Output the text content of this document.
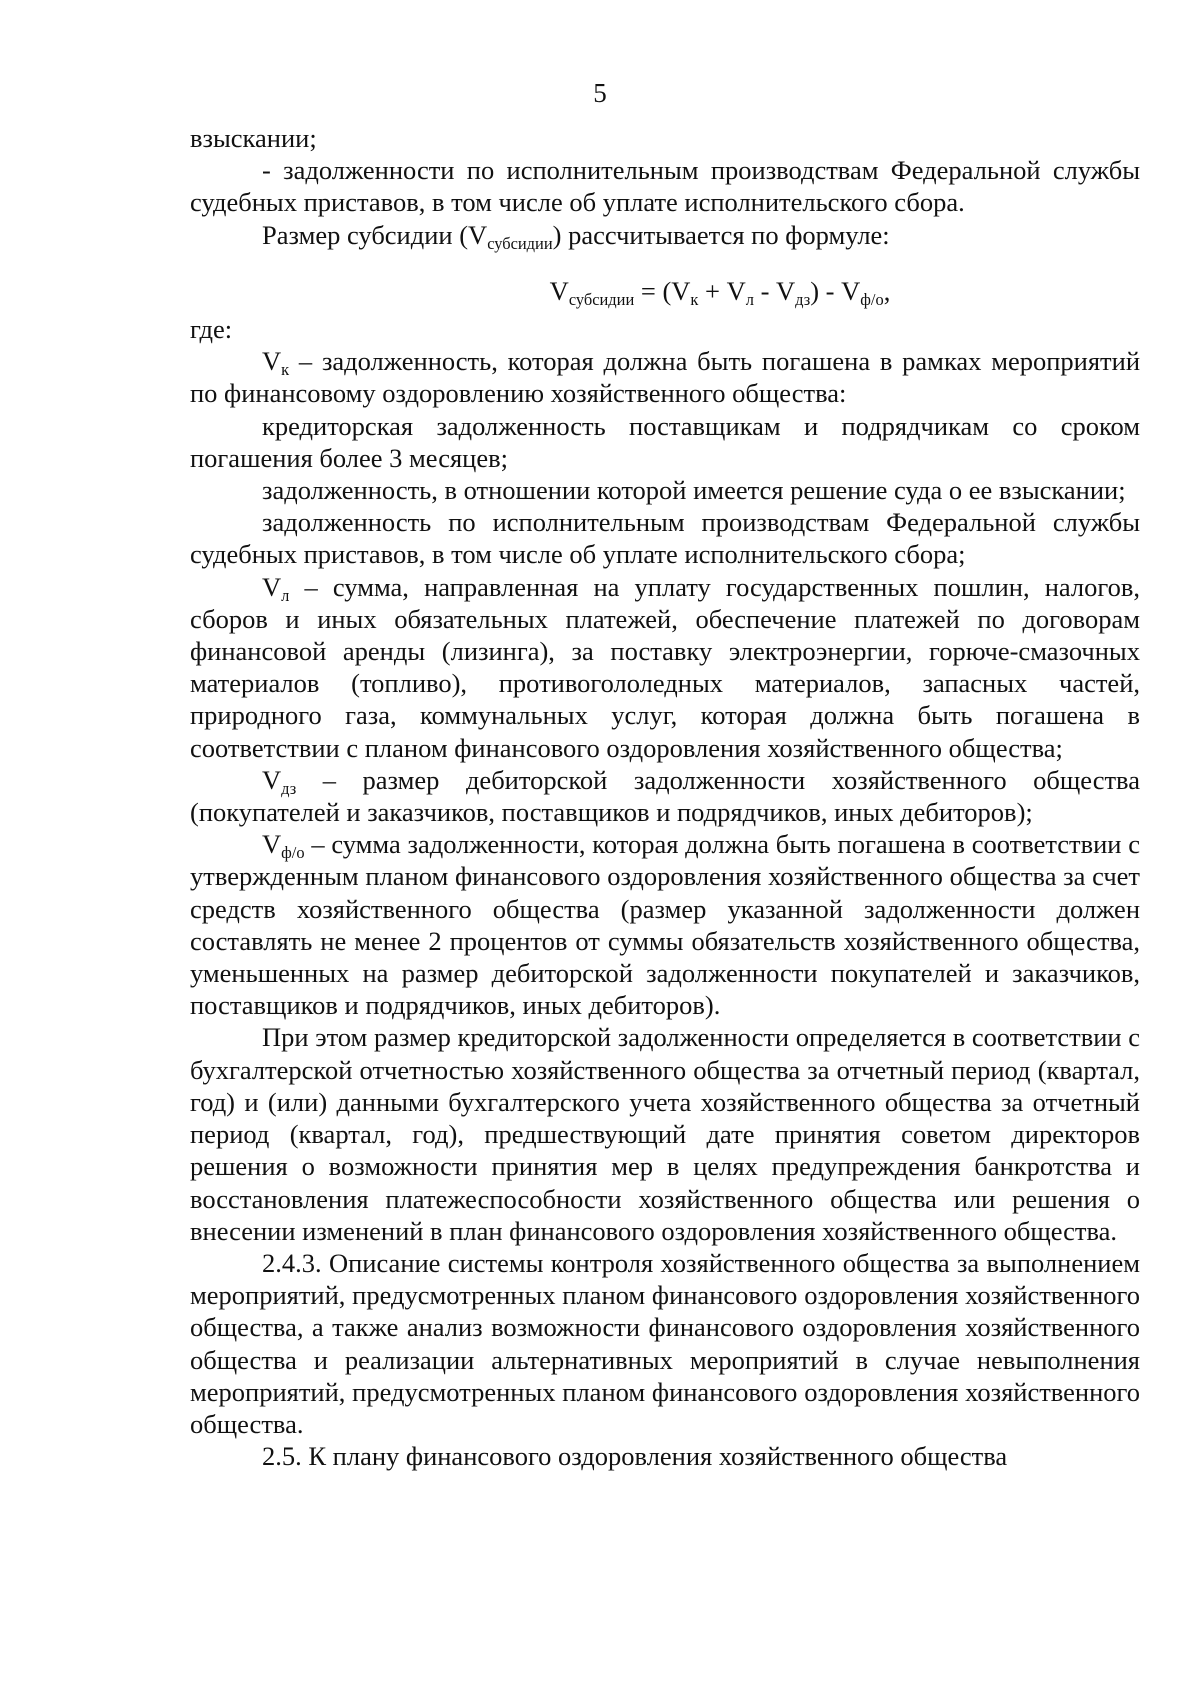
5

взыскании;

- задолженности по исполнительным производствам Федеральной службы судебных приставов, в том числе об уплате исполнительского сбора.

Размер субсидии $(V_{субсидии})$ рассчитывается по формуле:

$V_{субсидии} = (V_к + V_л - V_{дз}) - V_{ф/о}$,

где:

$V_к$ – задолженность, которая должна быть погашена в рамках мероприятий по финансовому оздоровлению хозяйственного общества:

кредиторская задолженность поставщикам и подрядчикам со сроком погашения более 3 месяцев;

задолженность, в отношении которой имеется решение суда о ее взыскании;

задолженность по исполнительным производствам Федеральной службы судебных приставов, в том числе об уплате исполнительского сбора;

$V_л$ – сумма, направленная на уплату государственных пошлин, налогов, сборов и иных обязательных платежей, обеспечение платежей по договорам финансовой аренды (лизинга), за поставку электроэнергии, горюче-смазочных материалов (топливо), противогололедных материалов, запасных частей, природного газа, коммунальных услуг, которая должна быть погашена в соответствии с планом финансового оздоровления хозяйственного общества;

$V_{дз}$ – размер дебиторской задолженности хозяйственного общества (покупателей и заказчиков, поставщиков и подрядчиков, иных дебиторов);

$V_{ф/о}$ – сумма задолженности, которая должна быть погашена в соответствии с утвержденным планом финансового оздоровления хозяйственного общества за счет средств хозяйственного общества (размер указанной задолженности должен составлять не менее 2 процентов от суммы обязательств хозяйственного общества, уменьшенных на размер дебиторской задолженности покупателей и заказчиков, поставщиков и подрядчиков, иных дебиторов).

При этом размер кредиторской задолженности определяется в соответствии с бухгалтерской отчетностью хозяйственного общества за отчетный период (квартал, год) и (или) данными бухгалтерского учета хозяйственного общества за отчетный период (квартал, год), предшествующий дате принятия советом директоров решения о возможности принятия мер в целях предупреждения банкротства и восстановления платежеспособности хозяйственного общества или решения о внесении изменений в план финансового оздоровления хозяйственного общества.

2.4.3. Описание системы контроля хозяйственного общества за выполнением мероприятий, предусмотренных планом финансового оздоровления хозяйственного общества, а также анализ возможности финансового оздоровления хозяйственного общества и реализации альтернативных мероприятий в случае невыполнения мероприятий, предусмотренных планом финансового оздоровления хозяйственного общества.

2.5. К плану финансового оздоровления хозяйственного общества
